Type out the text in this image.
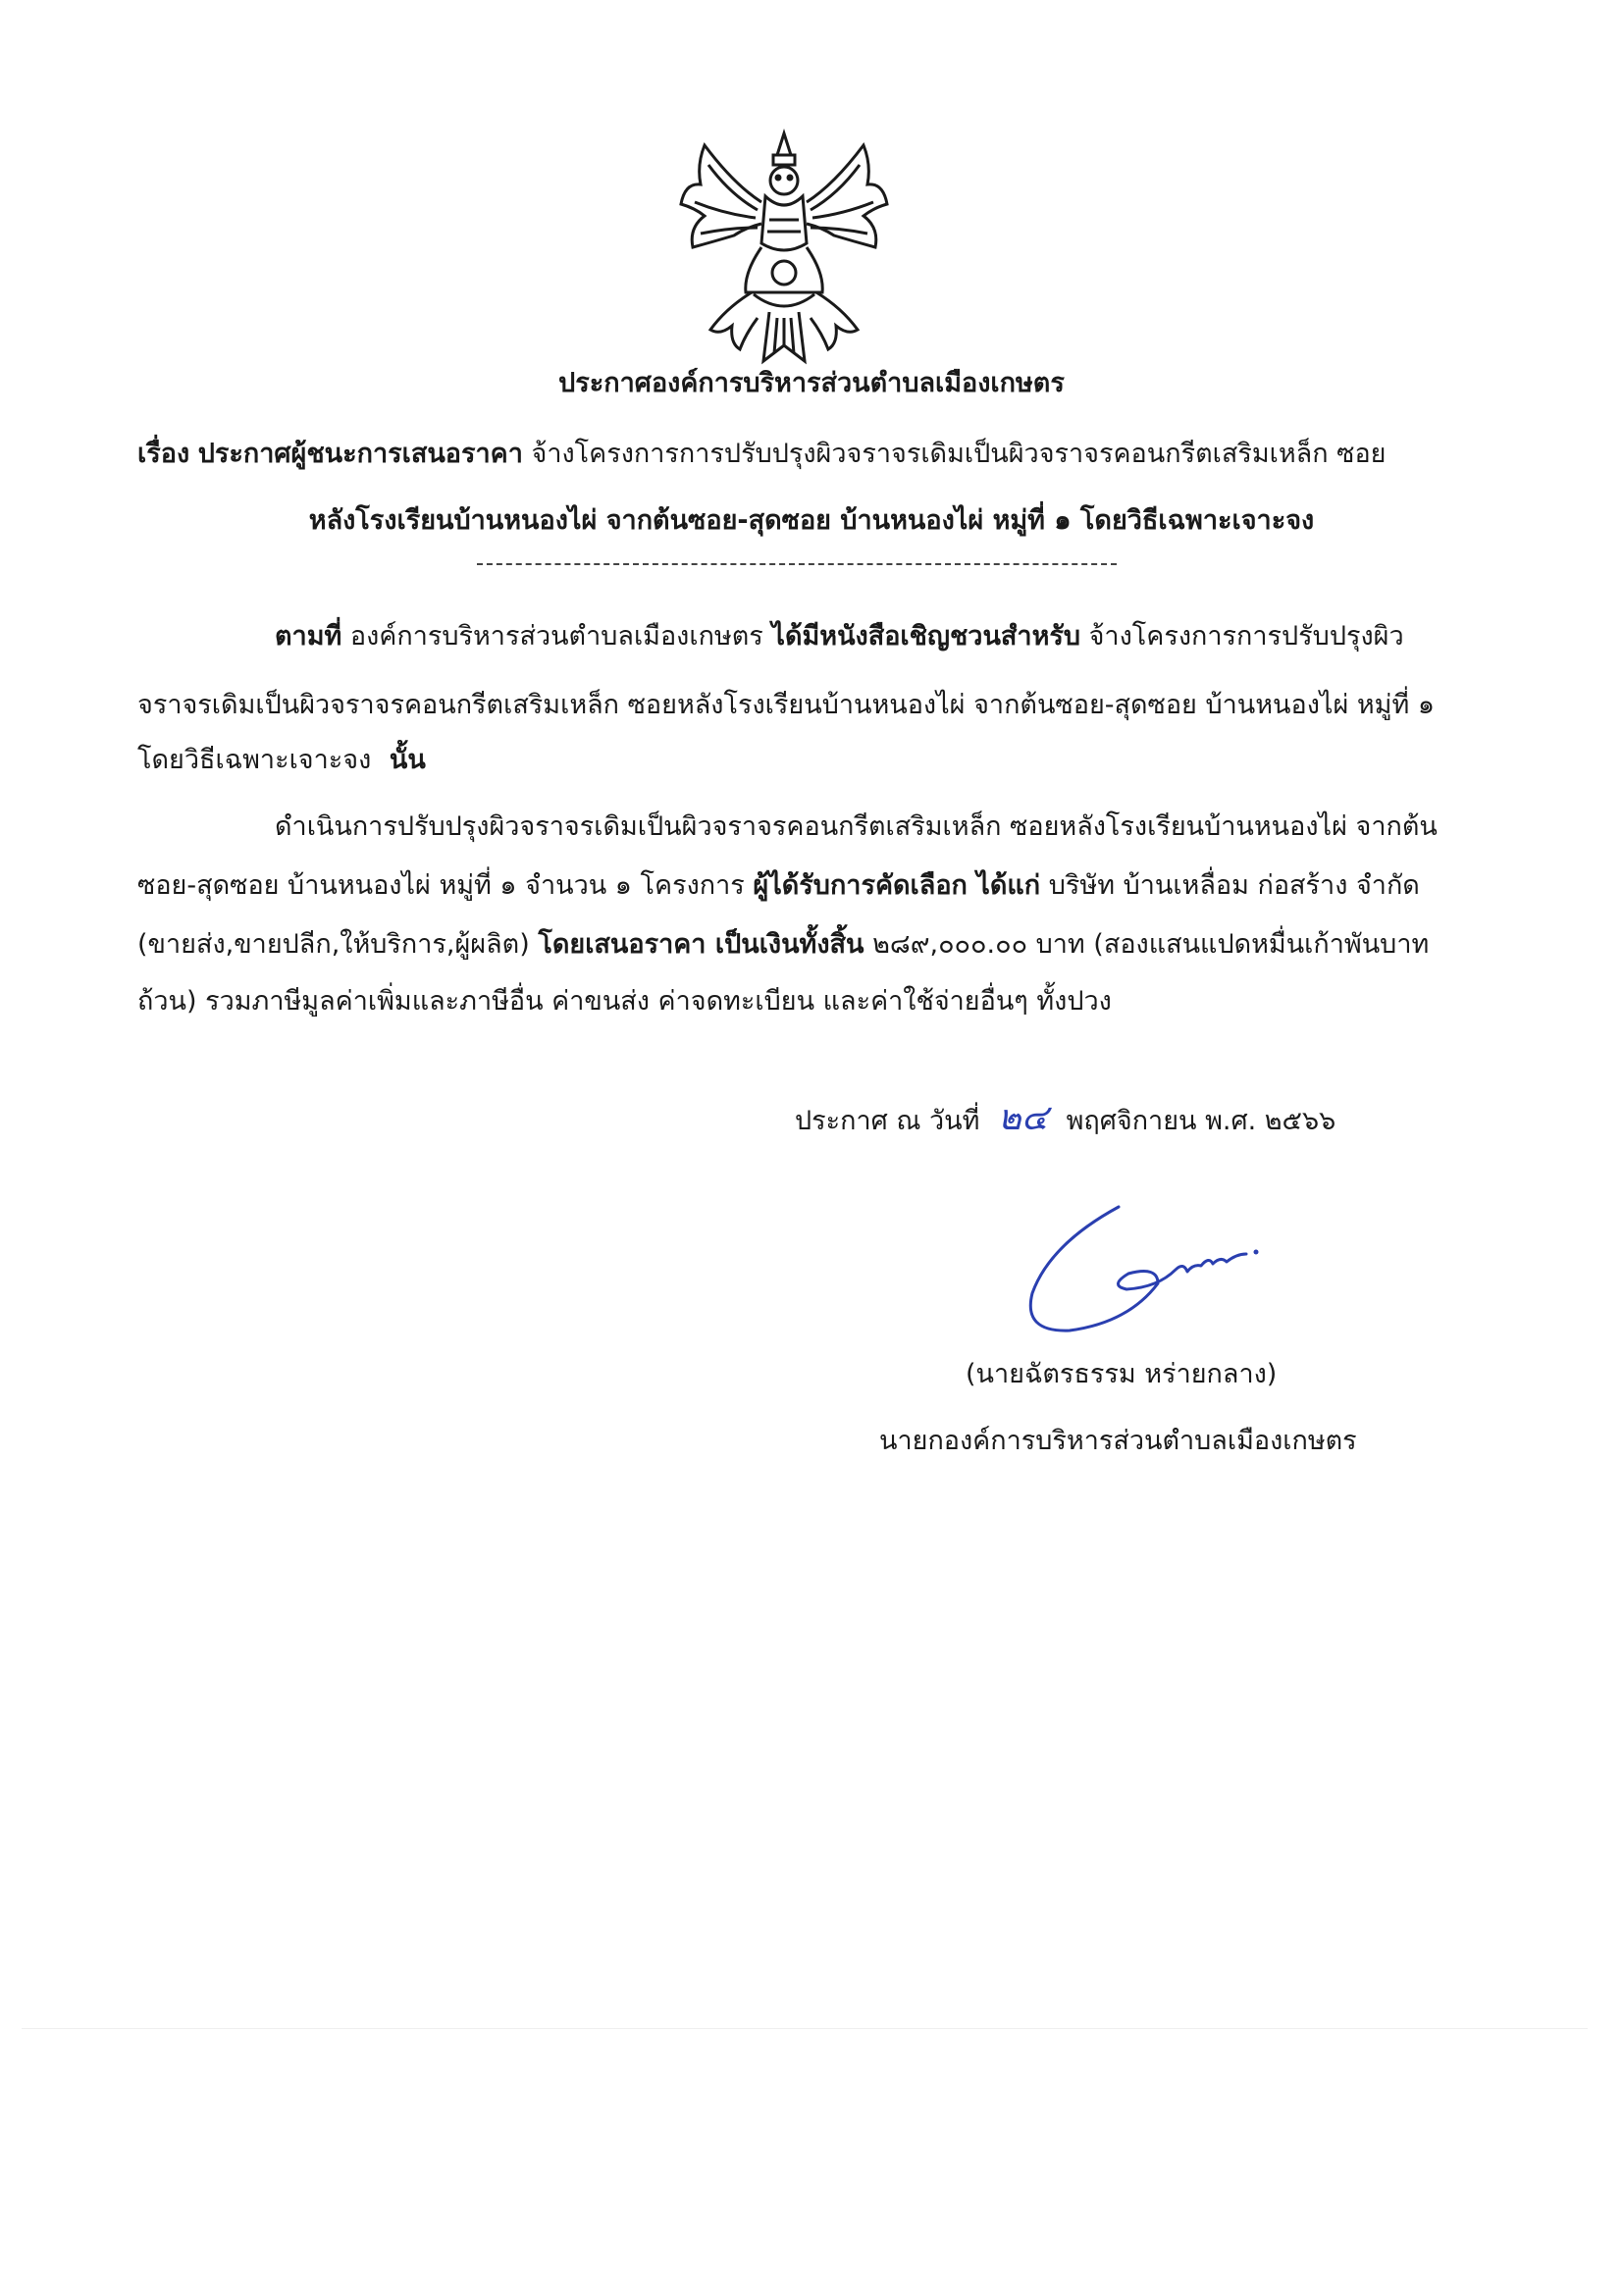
ประกาศองค์การบริหารส่วนตำบลเมืองเกษตร
เรื่อง ประกาศผู้ชนะการเสนอราคา จ้างโครงการการปรับปรุงผิวจราจรเดิมเป็นผิวจราจรคอนกรีตเสริมเหล็ก ซอย
หลังโรงเรียนบ้านหนองไผ่ จากต้นซอย-สุดซอย บ้านหนองไผ่ หมู่ที่ ๑ โดยวิธีเฉพาะเจาะจง
ตามที่ องค์การบริหารส่วนตำบลเมืองเกษตร ได้มีหนังสือเชิญชวนสำหรับ จ้างโครงการการปรับปรุงผิว
จราจรเดิมเป็นผิวจราจรคอนกรีตเสริมเหล็ก ซอยหลังโรงเรียนบ้านหนองไผ่ จากต้นซอย-สุดซอย บ้านหนองไผ่ หมู่ที่ ๑
โดยวิธีเฉพาะเจาะจง นั้น
ดำเนินการปรับปรุงผิวจราจรเดิมเป็นผิวจราจรคอนกรีตเสริมเหล็ก ซอยหลังโรงเรียนบ้านหนองไผ่ จากต้น
ซอย-สุดซอย บ้านหนองไผ่ หมู่ที่ ๑ จำนวน ๑ โครงการ ผู้ได้รับการคัดเลือก ได้แก่ บริษัท บ้านเหลื่อม ก่อสร้าง จำกัด
(ขายส่ง,ขายปลีก,ให้บริการ,ผู้ผลิต) โดยเสนอราคา เป็นเงินทั้งสิ้น ๒๘๙,๐๐๐.๐๐ บาท (สองแสนแปดหมื่นเก้าพันบาท
ถ้วน) รวมภาษีมูลค่าเพิ่มและภาษีอื่น ค่าขนส่ง ค่าจดทะเบียน และค่าใช้จ่ายอื่นๆ ทั้งปวง
ประกาศ ณ วันที่ ๒๔ พฤศจิกายน พ.ศ. ๒๕๖๖
(นายฉัตรธรรม หร่ายกลาง)
นายกองค์การบริหารส่วนตำบลเมืองเกษตร
